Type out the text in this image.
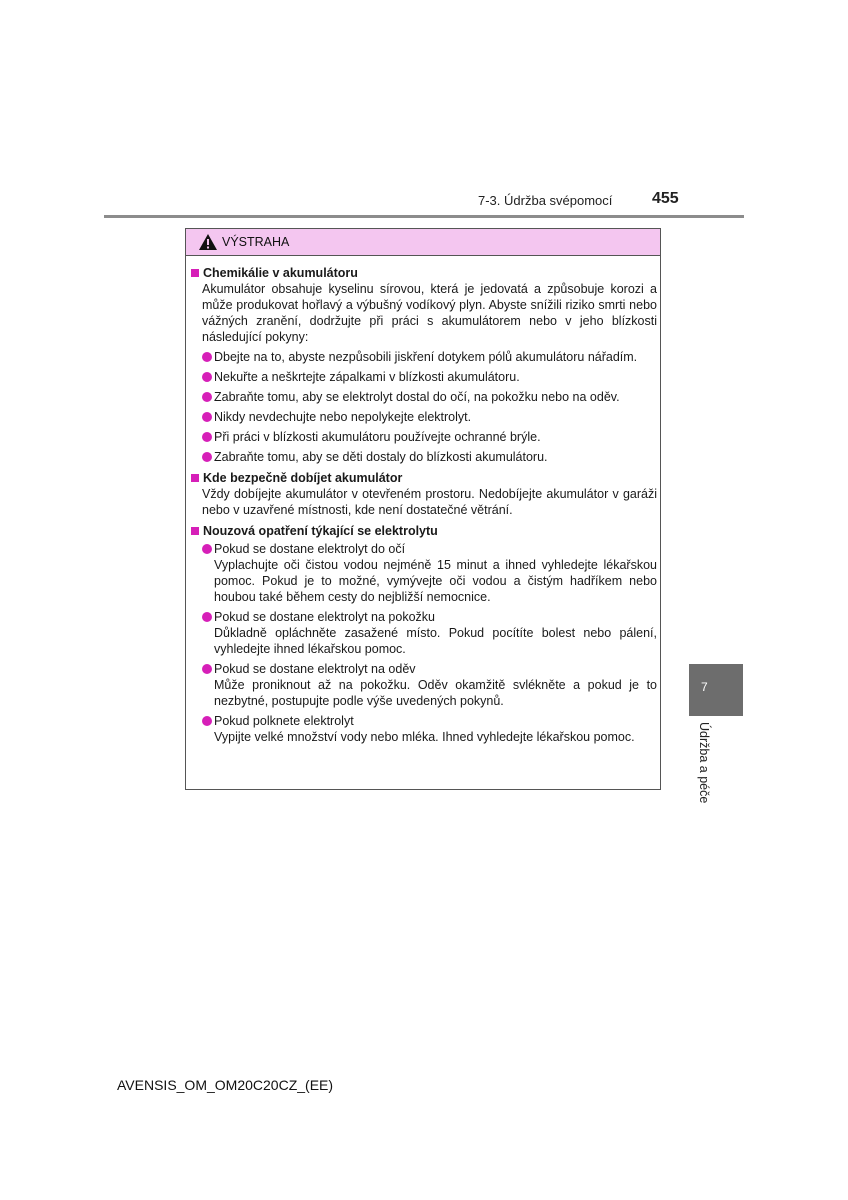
7-3. Údržba svépomocí 455
VÝSTRAHA
Chemikálie v akumulátoru
Akumulátor obsahuje kyselinu sírovou, která je jedovatá a způsobuje korozi a může produkovat hořlavý a výbušný vodíkový plyn. Abyste snížili riziko smrti nebo vážných zranění, dodržujte při práci s akumulátorem nebo v jeho blízkosti následující pokyny:
Dbejte na to, abyste nezpůsobili jiskření dotykem pólů akumulátoru nářadím.
Nekuřte a neškrtejte zápalkami v blízkosti akumulátoru.
Zabraňte tomu, aby se elektrolyt dostal do očí, na pokožku nebo na oděv.
Nikdy nevdechujte nebo nepolykejte elektrolyt.
Při práci v blízkosti akumulátoru používejte ochranné brýle.
Zabraňte tomu, aby se děti dostaly do blízkosti akumulátoru.
Kde bezpečně dobíjet akumulátor
Vždy dobíjejte akumulátor v otevřeném prostoru. Nedobíjejte akumulátor v garáži nebo v uzavřené místnosti, kde není dostatečné větrání.
Nouzová opatření týkající se elektrolytu
Pokud se dostane elektrolyt do očí
Vyplachujte oči čistou vodou nejméně 15 minut a ihned vyhledejte lékařskou pomoc. Pokud je to možné, vymývejte oči vodou a čistým hadříkem nebo houbou také během cesty do nejbližší nemocnice.
Pokud se dostane elektrolyt na pokožku
Důkladně opláchněte zasažené místo. Pokud pocítíte bolest nebo pálení, vyhledejte ihned lékařskou pomoc.
Pokud se dostane elektrolyt na oděv
Může proniknout až na pokožku. Oděv okamžitě svlékněte a pokud je to nezbytné, postupujte podle výše uvedených pokynů.
Pokud polknete elektrolyt
Vypijte velké množství vody nebo mléka. Ihned vyhledejte lékařskou pomoc.
7
Údržba a péče
AVENSIS_OM_OM20C20CZ_(EE)
